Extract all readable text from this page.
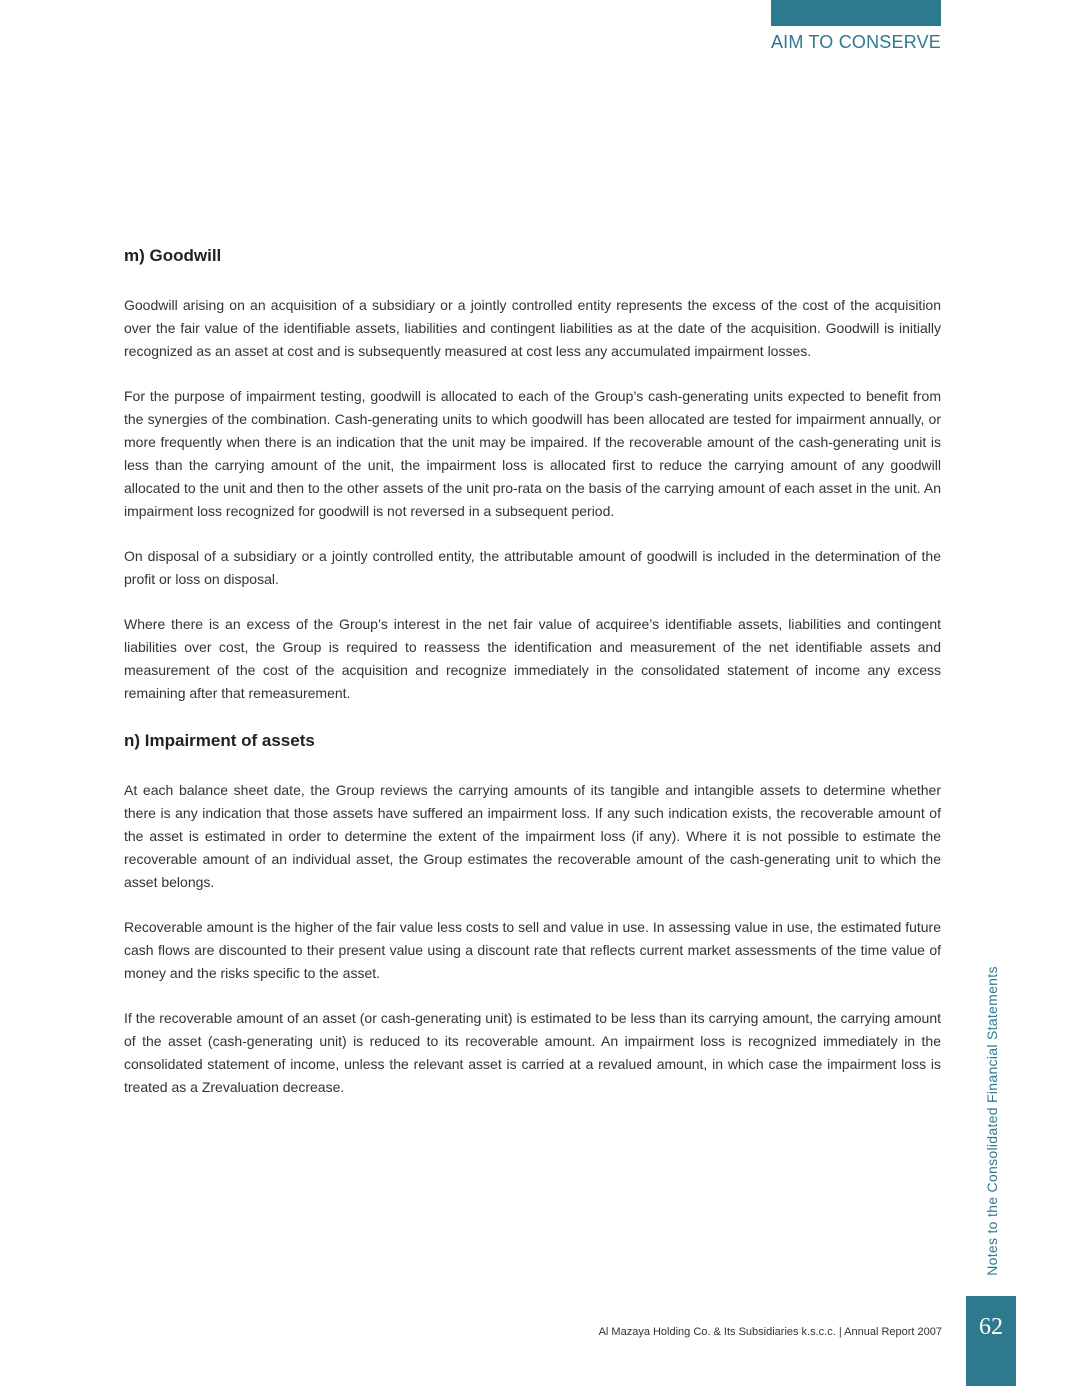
AIM TO CONSERVE
m) Goodwill

Goodwill arising on an acquisition of a subsidiary or a jointly controlled entity represents the excess of the cost of the acquisition over the fair value of the identifiable assets, liabilities and contingent liabilities as at the date of the acquisition. Goodwill is initially recognized as an asset at cost and is subsequently measured at cost less any accumulated impairment losses.

For the purpose of impairment testing, goodwill is allocated to each of the Group’s cash-generating units expected to benefit from the synergies of the combination. Cash-generating units to which goodwill has been allocated are tested for impairment annually, or more frequently when there is an indication that the unit may be impaired. If the recoverable amount of the cash-generating unit is less than the carrying amount of the unit, the impairment loss is allocated first to reduce the carrying amount of any goodwill allocated to the unit and then to the other assets of the unit pro-rata on the basis of the carrying amount of each asset in the unit. An impairment loss recognized for goodwill is not reversed in a subsequent period.

On disposal of a subsidiary or a jointly controlled entity, the attributable amount of goodwill is included in the determination of the profit or loss on disposal.

Where there is an excess of the Group’s interest in the net fair value of acquiree’s identifiable assets, liabilities and contingent liabilities over cost, the Group is required to reassess the identification and measurement of the net identifiable assets and measurement of the cost of the acquisition and recognize immediately in the consolidated statement of income any excess remaining after that remeasurement.

n) Impairment of assets

At each balance sheet date, the Group reviews the carrying amounts of its tangible and intangible assets to determine whether there is any indication that those assets have suffered an impairment loss. If any such indication exists, the recoverable amount of the asset is estimated in order to determine the extent of the impairment loss (if any). Where it is not possible to estimate the recoverable amount of an individual asset, the Group estimates the recoverable amount of the cash-generating unit to which the asset belongs.

Recoverable amount is the higher of the fair value less costs to sell and value in use. In assessing value in use, the estimated future cash flows are discounted to their present value using a discount rate that reflects current market assessments of the time value of money and the risks specific to the asset.

If the recoverable amount of an asset (or cash-generating unit) is estimated to be less than its carrying amount, the carrying amount of the asset (cash-generating unit) is reduced to its recoverable amount. An impairment loss is recognized immediately in the consolidated statement of income, unless the relevant asset is carried at a revalued amount, in which case the impairment loss is treated as a Zrevaluation decrease.	Notes to the Consolidated Financial Statements
Al Mazaya Holding Co. & Its Subsidiaries k.s.c.c. | Annual Report 2007	62
